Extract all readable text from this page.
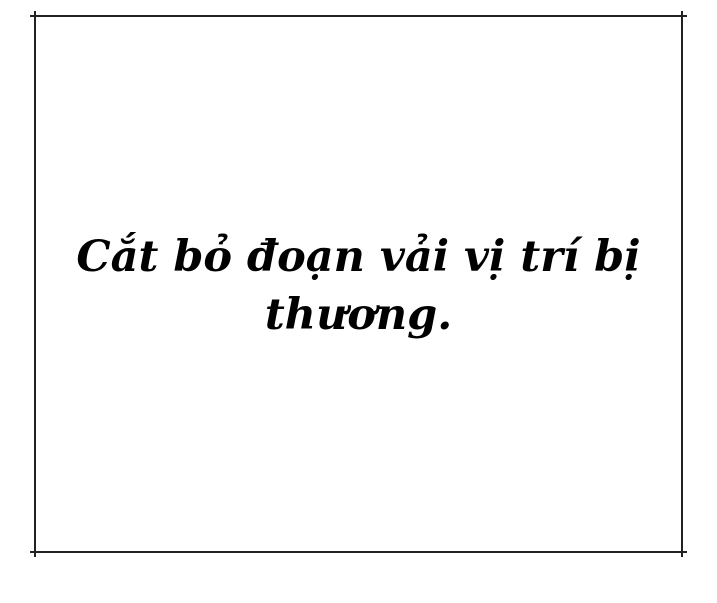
Cắt bỏ đoạn vải vị trí bị
thương.
